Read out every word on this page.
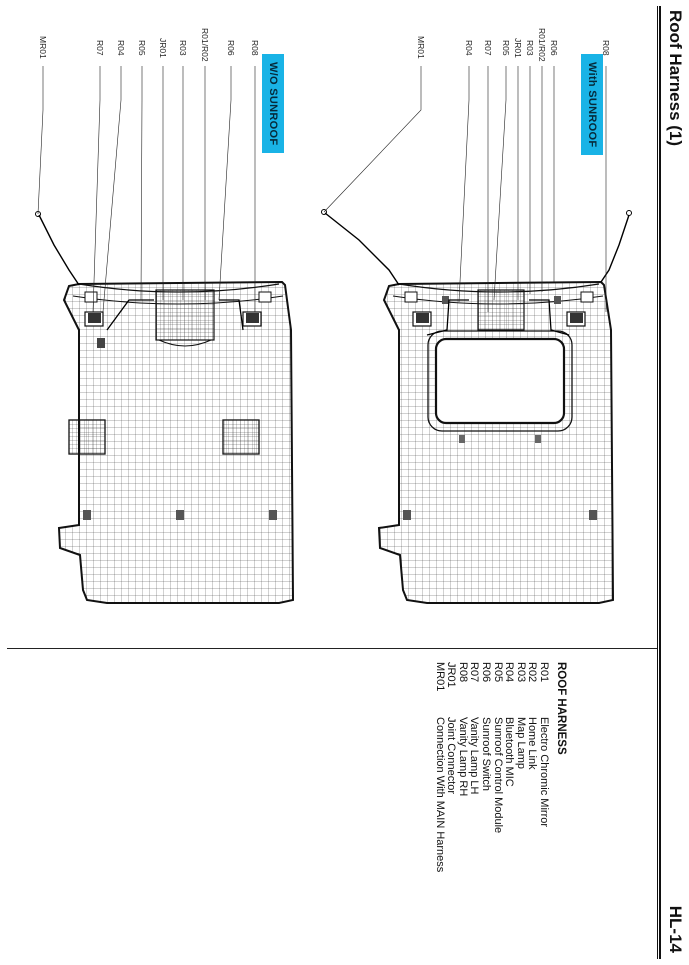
Roof Harness (1)
HL-14
With SUNROOF
W/O SUNROOF
R08
R06
R01/R02
R03
JR01
R05
R07
R04
MR01
R08
R06
R01/R02
R03
JR01
R05
R04
R07
MR01
ROOF HARNESS
R01
Electro Chromic Mirror
R02
Home Link
R03
Map Lamp
R04
Bluetooth MIC
R05
Sunroof Control Module
R06
Sunroof Switch
R07
Vanity Lamp LH
R08
Vanity Lamp RH
JR01
Joint Connector
MR01
Connection With MAIN Harness
